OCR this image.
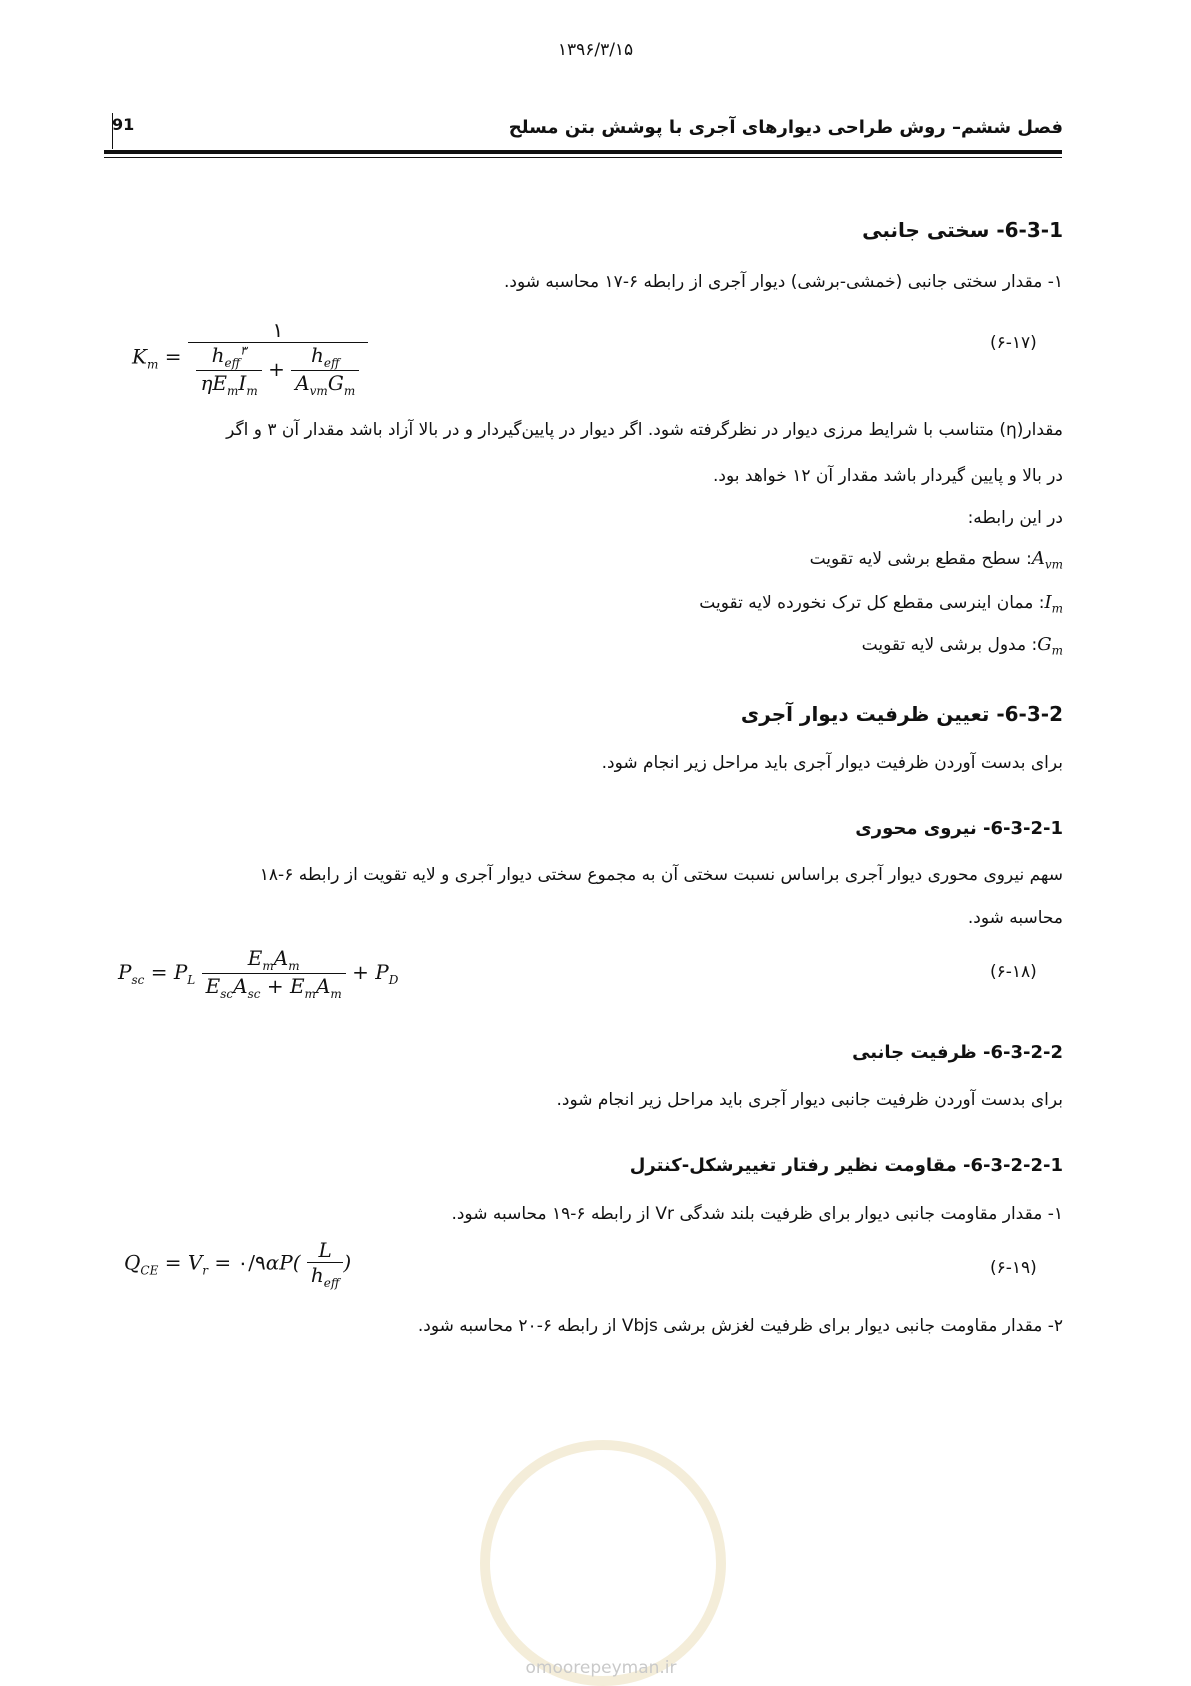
۱۳۹۶/۳/۱۵
91	فصل ششم– روش طراحی دیوارهای آجری با پوشش بتن مسلح
6-3-1- سختی جانبی
۱- مقدار سختی جانبی (خمشی-برشی) دیوار آجری از رابطه ۶-۱۷ محاسبه شود.
$K_m = \frac{۱}{\frac{h_{eff}^۳}{\eta E_mI_m} + \frac{h_{eff}}{A_{vm}G_m}}$	(۶-۱۷)
مقدار(η) متناسب با شرایط مرزی دیوار در نظرگرفته شود. اگر دیوار در پایین‌گیردار و در بالا آزاد باشد مقدار آن ۳ و اگر
در بالا و پایین گیردار باشد مقدار آن ۱۲ خواهد بود.
در این رابطه:
$A_{vm}$: سطح مقطع برشی لایه تقویت
$I_m$: ممان اینرسی مقطع کل ترک نخورده لایه تقویت
$G_m$: مدول برشی لایه تقویت
6-3-2- تعیین ظرفیت دیوار آجری
برای بدست آوردن ظرفیت دیوار آجری باید مراحل زیر انجام شود.
6-3-2-1- نیروی محوری
سهم نیروی محوری دیوار آجری براساس نسبت سختی آن به مجموع سختی دیوار آجری و لایه تقویت از رابطه ۶-۱۸
محاسبه شود.
$P_{sc} = P_L \frac{E_mA_m}{E_{sc}A_{sc} + E_mA_m} + P_D$	(۶-۱۸)
6-3-2-2- ظرفیت جانبی
برای بدست آوردن ظرفیت جانبی دیوار آجری باید مراحل زیر انجام شود.
6-3-2-2-1- مقاومت نظیر رفتار تغییرشکل-کنترل
۱- مقدار مقاومت جانبی دیوار برای ظرفیت بلند شدگی Vr از رابطه ۶-۱۹ محاسبه شود.
$Q_{CE} = V_r$ = ۰/۹αP( $\frac{L}{h_{eff}}$ )	(۶-۱۹)
۲- مقدار مقاومت جانبی دیوار برای ظرفیت لغزش برشی Vbjs از رابطه ۶-۲۰ محاسبه شود.
omoorepeyman.ir
